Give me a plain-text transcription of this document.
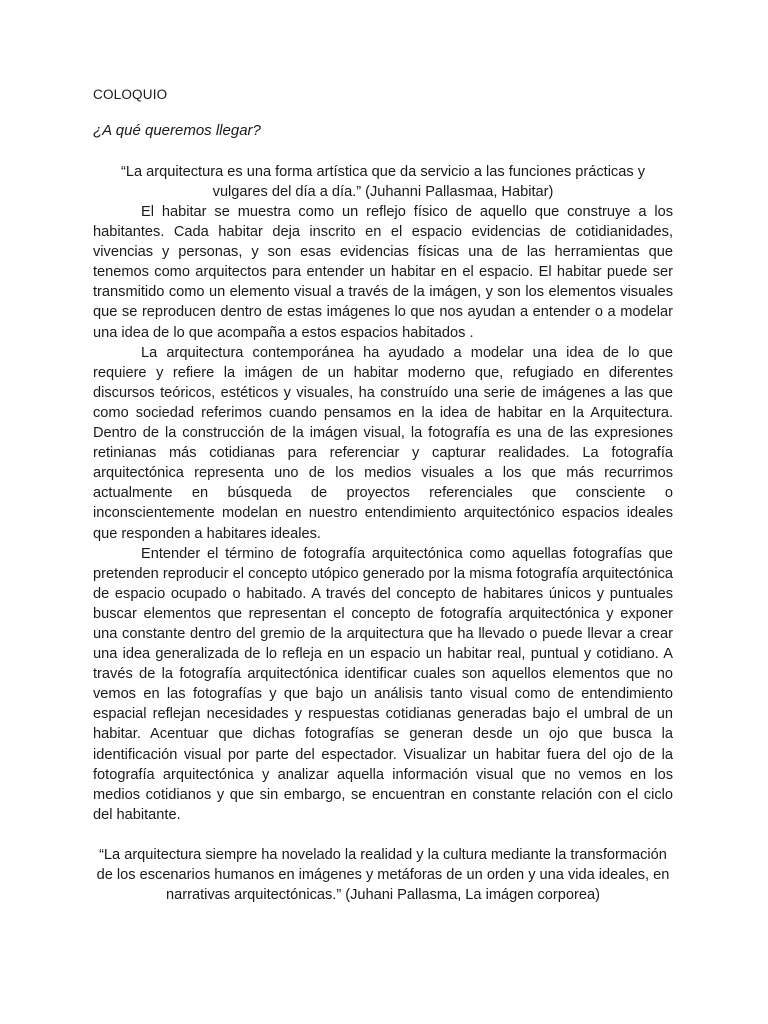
COLOQUIO
¿A qué queremos llegar?
“La arquitectura es una forma artística que da servicio a las funciones prácticas y vulgares del día a día.” (Juhanni Pallasmaa, Habitar)

El habitar se muestra como un reflejo físico de aquello que construye a los habitantes. Cada habitar deja inscrito en el espacio evidencias de cotidianidades, vivencias y personas, y son esas evidencias físicas una de las herramientas que tenemos como arquitectos para entender un habitar en el espacio. El habitar puede ser transmitido como un elemento visual a través de la imágen, y son los elementos visuales que se reproducen dentro de estas imágenes lo que nos ayudan a entender o a modelar una idea de lo que acompaña a estos espacios habitados .

La arquitectura contemporánea ha ayudado a modelar una idea de lo que requiere y refiere la imágen de un habitar moderno que, refugiado en diferentes discursos teóricos, estéticos y visuales, ha construído una serie de imágenes a las que como sociedad referimos cuando pensamos en la idea de habitar en la Arquitectura. Dentro de la construcción de la imágen visual, la fotografía es una de las expresiones retinianas más cotidianas para referenciar y capturar realidades. La fotografía arquitectónica representa uno de los medios visuales a los que más recurrimos actualmente en búsqueda de proyectos referenciales que consciente o inconscientemente modelan en nuestro entendimiento arquitectónico espacios ideales que responden a habitares ideales.

Entender el término de fotografía arquitectónica como aquellas fotografías que pretenden reproducir el concepto utópico generado por la misma fotografía arquitectónica de espacio ocupado o habitado. A través del concepto de habitares únicos y puntuales buscar elementos que representan el concepto de fotografía arquitectónica y exponer una constante dentro del gremio de la arquitectura que ha llevado o puede llevar a crear una idea generalizada de lo refleja en un espacio un habitar real, puntual y cotidiano. A través de la fotografía arquitectónica identificar cuales son aquellos elementos que no vemos en las fotografías y que bajo un análisis tanto visual como de entendimiento espacial reflejan necesidades y respuestas cotidianas generadas bajo el umbral de un habitar. Acentuar que dichas fotografías se generan desde un ojo que busca la identificación visual por parte del espectador. Visualizar un habitar fuera del ojo de la fotografía arquitectónica y analizar aquella información visual que no vemos en los medios cotidianos y que sin embargo, se encuentran en constante relación con el ciclo del habitante.

“La arquitectura siempre ha novelado la realidad y la cultura mediante la transformación de los escenarios humanos en imágenes y metáforas de un orden y una vida ideales, en narrativas arquitectónicas.” (Juhani Pallasma, La imágen corporea)
